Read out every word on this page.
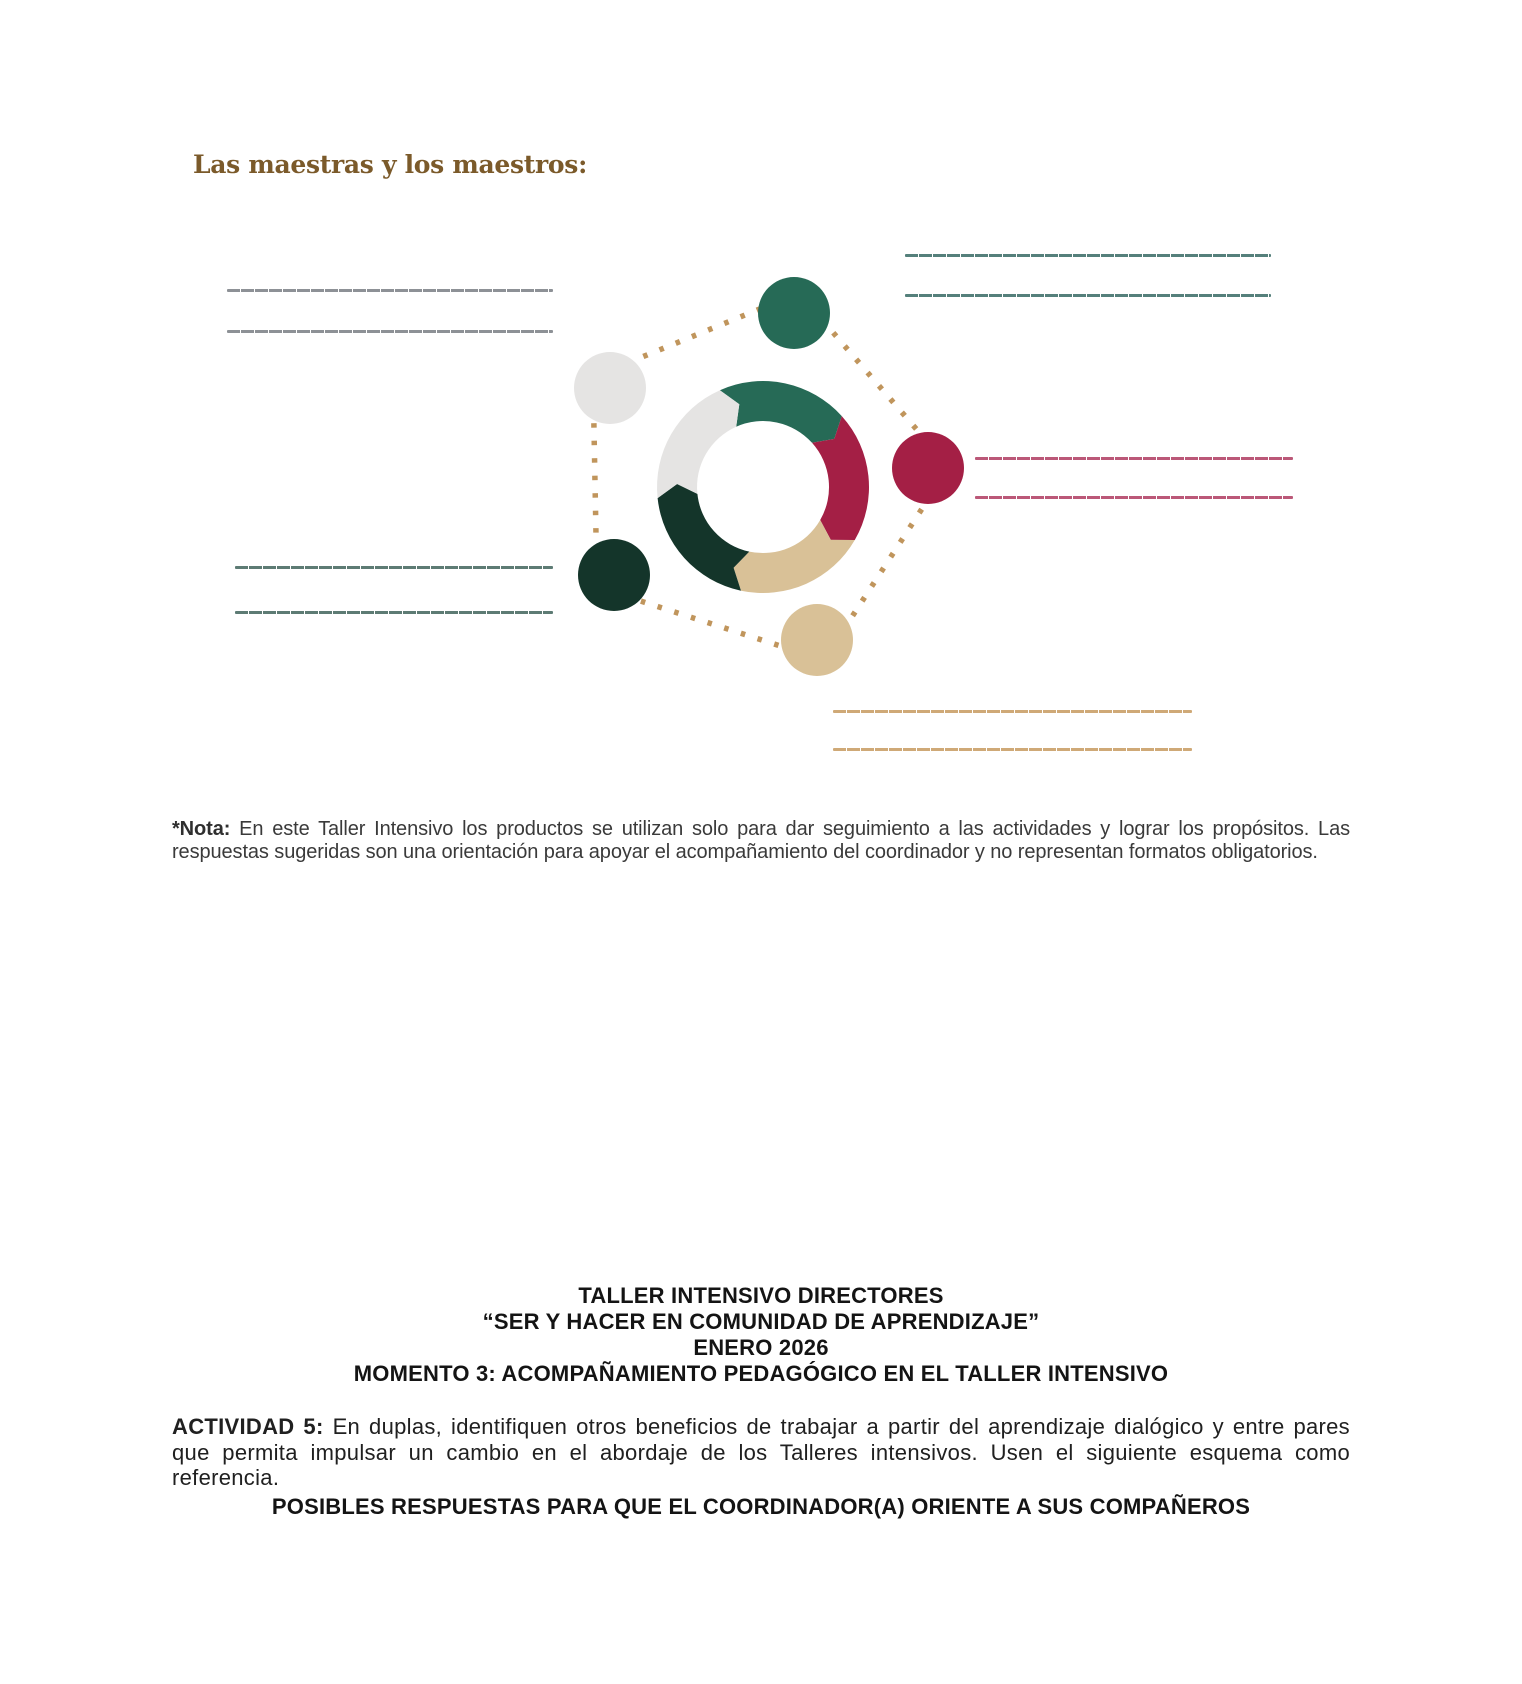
Las maestras y los maestros:
*Nota: En este Taller Intensivo los productos se utilizan solo para dar seguimiento a las actividades y lograr los propósitos. Las respuestas sugeridas son una orientación para apoyar el acompañamiento del coordinador y no representan formatos obligatorios.
TALLER INTENSIVO DIRECTORES
“SER Y HACER EN COMUNIDAD DE APRENDIZAJE”
ENERO 2026
MOMENTO 3: ACOMPAÑAMIENTO PEDAGÓGICO EN EL TALLER INTENSIVO
ACTIVIDAD 5: En duplas, identifiquen otros beneficios de trabajar a partir del aprendizaje dialógico y entre pares que permita impulsar un cambio en el abordaje de los Talleres intensivos. Usen el siguiente esquema como referencia.
POSIBLES RESPUESTAS PARA QUE EL COORDINADOR(A) ORIENTE A SUS COMPAÑEROS
